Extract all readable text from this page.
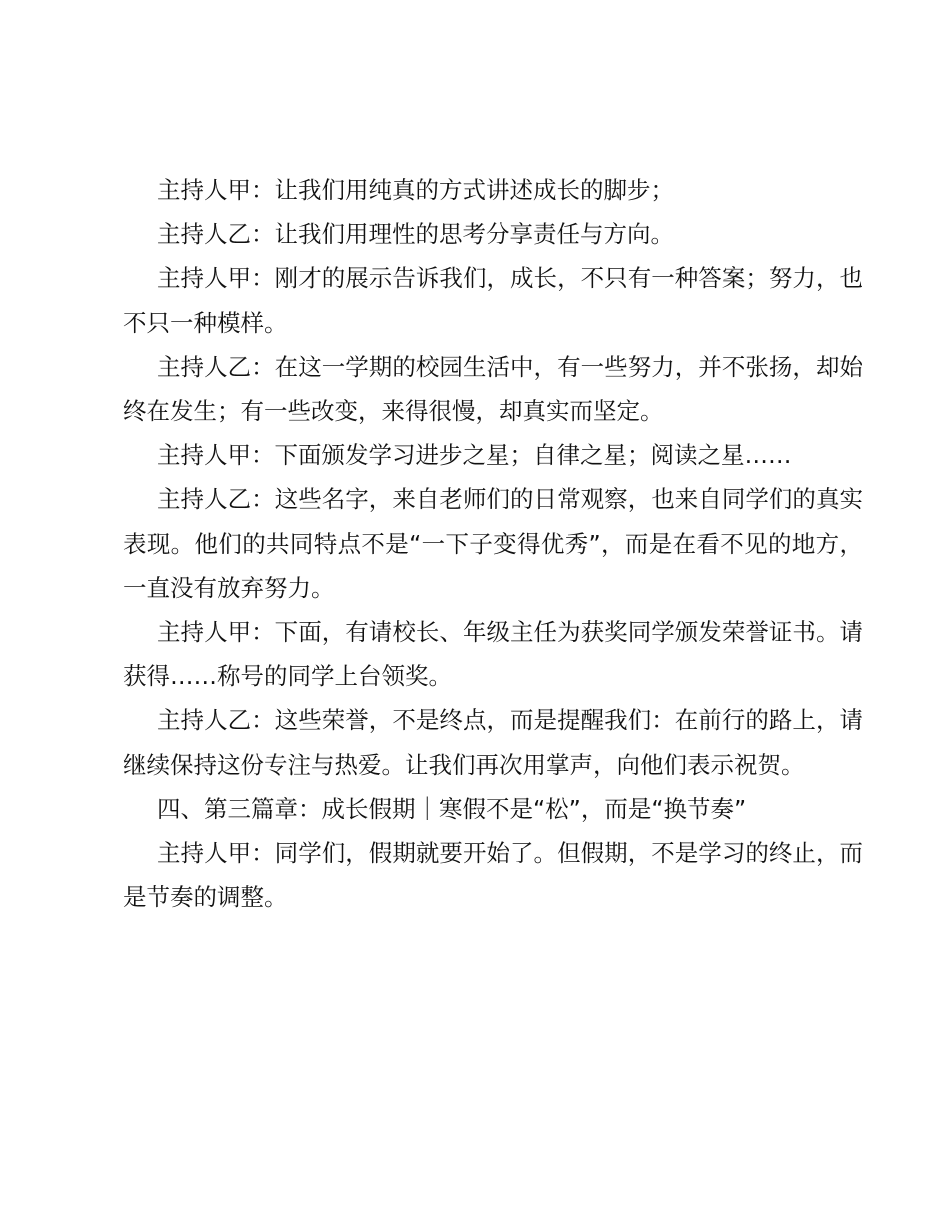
主持人甲：让我们用纯真的方式讲述成长的脚步；

主持人乙：让我们用理性的思考分享责任与方向。

主持人甲：刚才的展示告诉我们，成长，不只有一种答案；努力，也不只一种模样。

主持人乙：在这一学期的校园生活中，有一些努力，并不张扬，却始终在发生；有一些改变，来得很慢，却真实而坚定。

主持人甲：下面颁发学习进步之星；自律之星；阅读之星……

主持人乙：这些名字，来自老师们的日常观察，也来自同学们的真实表现。他们的共同特点不是“一下子变得优秀”，而是在看不见的地方，一直没有放弃努力。

主持人甲：下面，有请校长、年级主任为获奖同学颁发荣誉证书。请获得……称号的同学上台领奖。

主持人乙：这些荣誉，不是终点，而是提醒我们：在前行的路上，请继续保持这份专注与热爱。让我们再次用掌声，向他们表示祝贺。

四、第三篇章：成长假期｜寒假不是“松”，而是“换节奏”

主持人甲：同学们，假期就要开始了。但假期，不是学习的终止，而是节奏的调整。
